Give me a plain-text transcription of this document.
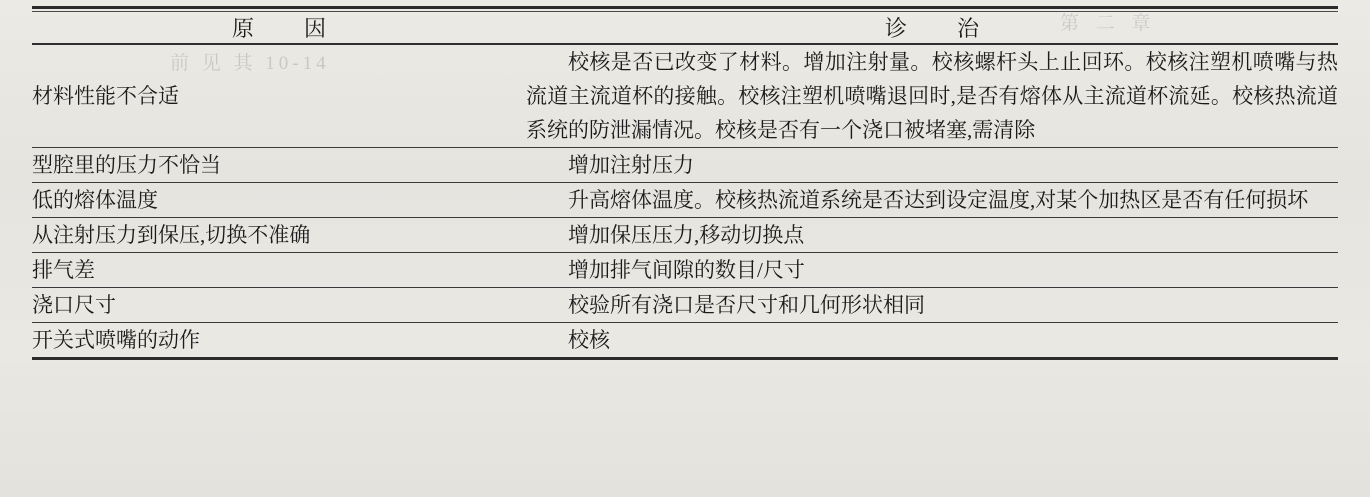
第 二 章
前 见 其 10-14
原　因	诊　治
材料性能不合适	校核是否已改变了材料。增加注射量。校核螺杆头上止回环。校核注塑机喷嘴与热流道主流道杯的接触。校核注塑机喷嘴退回时,是否有熔体从主流道杯流延。校核热流道系统的防泄漏情况。校核是否有一个浇口被堵塞,需清除

型腔里的压力不恰当	增加注射压力

低的熔体温度	升高熔体温度。校核热流道系统是否达到设定温度,对某个加热区是否有任何损坏

从注射压力到保压,切换不准确	增加保压压力,移动切换点

排气差	增加排气间隙的数目/尺寸

浇口尺寸	校验所有浇口是否尺寸和几何形状相同

开关式喷嘴的动作	校核
